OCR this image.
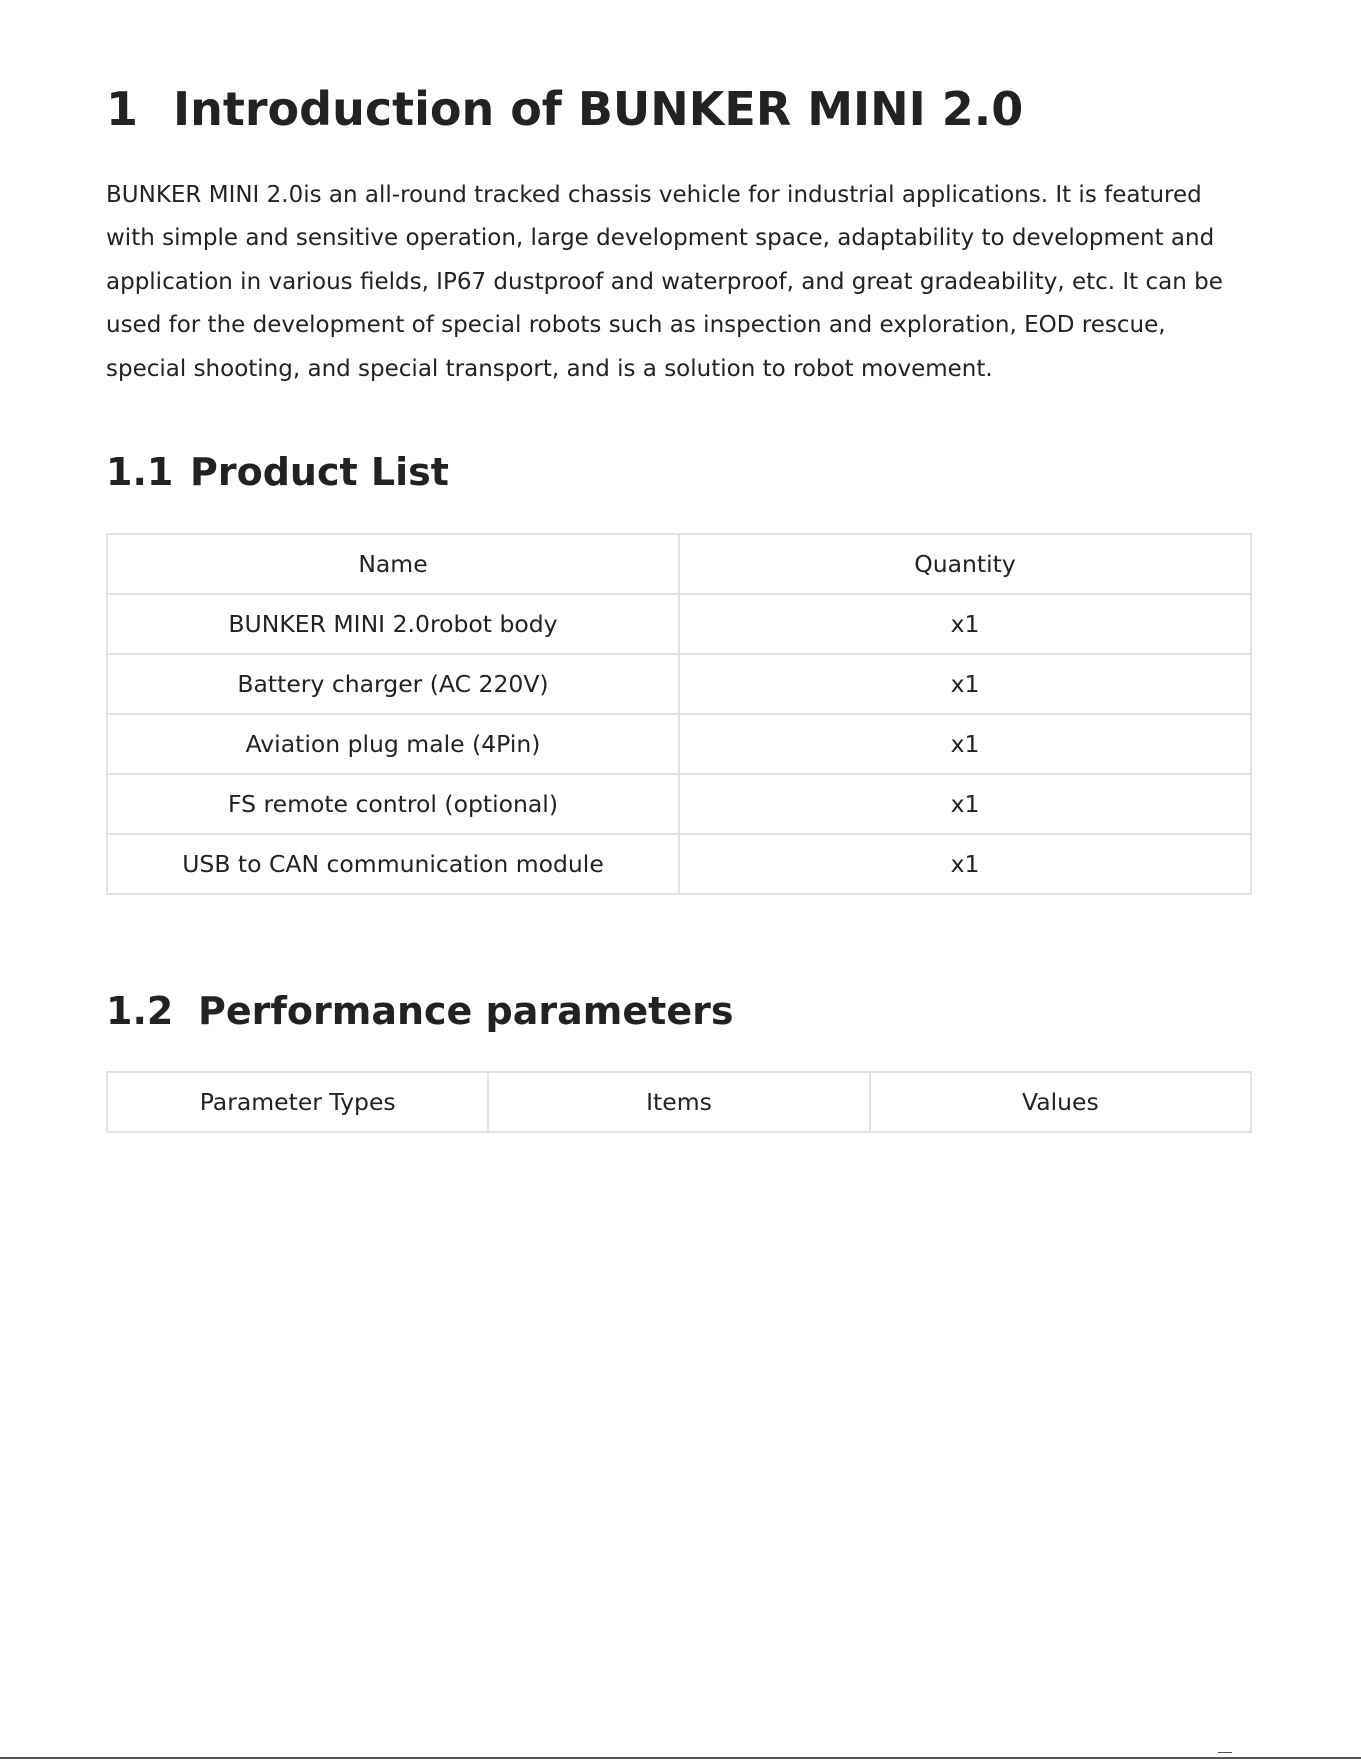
1 Introduction of BUNKER MINI 2.0

BUNKER MINI 2.0is an all-round tracked chassis vehicle for industrial applications. It is featured with simple and sensitive operation, large development space, adaptability to development and application in various fields, IP67 dustproof and waterproof, and great gradeability, etc. It can be used for the development of special robots such as inspection and exploration, EOD rescue, special shooting, and special transport, and is a solution to robot movement.

1.1 Product List
Name	Quantity
BUNKER MINI 2.0robot body	x1
Battery charger (AC 220V)	x1
Aviation plug male (4Pin)	x1
FS remote control (optional)	x1
USB to CAN communication module	x1
1.2 Performance parameters
Parameter Types	Items	Values
